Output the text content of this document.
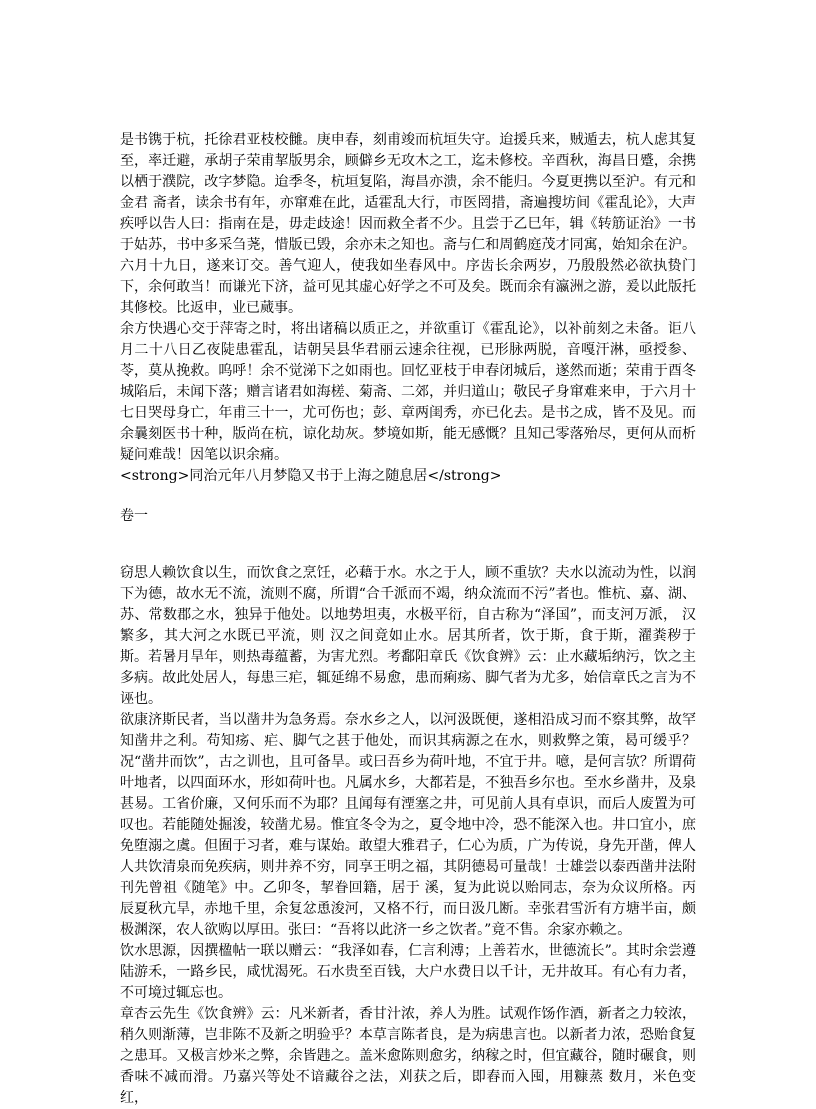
是书镌于杭，托徐君亚枝校雠。庚申春，刻甫竣而杭垣失守。迨援兵来，贼遁去，杭人虑其复至，率迁避，承胡子荣甫挈版男余，顾僻乡无攻木之工，迄未修校。辛酉秋，海昌日蹙，余携以栖于濮院，改字梦隐。迨季冬，杭垣复陷，海昌亦溃，余不能归。今夏更携以至沪。有元和金君 斋者，读余书有年，亦窜难在此，适霍乱大行，市医罔措，斋遍搜坊间《霍乱论》，大声疾呼以告人曰：指南在是，毋走歧途！因而救全者不少。且尝于乙巳年，辑《转筋证治》一书于姑苏，书中多采刍荛，惜版已毁，余亦未之知也。斋与仁和周鹤庭茂才同寓，始知余在沪。六月十九日，遂来订交。善气迎人，使我如坐春风中。序齿长余两岁，乃殷殷然必欲执贽门下，余何敢当！而谦光下济，益可见其虚心好学之不可及矣。既而余有瀛洲之游，爰以此版托其修校。比返申，业已蒇事。

余方快遇心交于萍寄之时，将出诸稿以质正之，并欲重订《霍乱论》，以补前刻之未备。讵八月二十八日乙夜陡患霍乱，诘朝吴县华君丽云速余往视，已形脉两脱，音嘎汗淋，亟授参、苓，莫从挽救。呜呼！余不觉涕下之如雨也。回忆亚枝于申春闭城后，遂然而逝；荣甫于酉冬城陷后，未闻下落；赠言诸君如海槎、菊斋、二郊，并归道山；敬民孑身窜难来申，于六月十七日哭母身亡，年甫三十一，尤可伤也；彭、章两闺秀，亦已化去。是书之成，皆不及见。而余曩刻医书十种，版尚在杭，谅化劫灰。梦境如斯，能无感慨？且知己零落殆尽，更何从而析疑问难哉！因笔以识余痛。

<strong>同治元年八月梦隐又书于上海之随息居</strong>

卷一

窃思人赖饮食以生，而饮食之烹饪，必藉于水。水之于人，顾不重欤？夫水以流动为性，以润下为德，故水无不流，流则不腐，所谓“合千派而不竭，纳众流而不污”者也。惟杭、嘉、湖、苏、常数郡之水，独异于他处。以地势坦夷，水极平衍，自古称为“泽国”，而支河万派， 汉繁多，其大河之水既已平流，则 汉之间竟如止水。居其所者，饮于斯，食于斯，濯粪秽于斯。若暑月旱年，则热毒蕴蓄，为害尤烈。考鄱阳章氏《饮食辨》云：止水藏垢纳污，饮之主多病。故此处居人，每患三疟，辄延绵不易愈，患而痢疡、脚气者为尤多，始信章氏之言为不诬也。

欲康济斯民者，当以凿井为急务焉。奈水乡之人，以河汲既便，遂相沿成习而不察其弊，故罕知凿井之利。苟知疡、疟、脚气之甚于他处，而识其病源之在水，则救弊之策，曷可缓乎？况“凿井而饮”，古之训也，且可备旱。或曰吾乡为荷叶地，不宜于井。噫，是何言欤？所谓荷叶地者，以四面环水，形如荷叶也。凡属水乡，大都若是，不独吾乡尔也。至水乡凿井，及泉甚易。工省价廉，又何乐而不为耶？且闻每有湮塞之井，可见前人具有卓识，而后人废置为可叹也。若能随处掘浚，较凿尤易。惟宜冬令为之，夏令地中冷，恐不能深入也。井口宜小，庶免堕溺之虞。但囿于习者，难与谋始。敢望大雅君子，仁心为质，广为传说，身先开凿，俾人人共饮清泉而免疾病，则井养不穷，同享王明之福，其阴德曷可量哉！士雄尝以泰西凿井法附刊先曾祖《随笔》中。乙卯冬，挈眷回籍，居于 溪，复为此说以贻同志，奈为众议所格。丙辰夏秋亢旱，赤地千里，余复忿恿浚河，又格不行，而日汲几断。幸张君雪沂有方塘半亩，颇极渊深，农人欲购以厚田。张曰：“吾将以此济一乡之饮者。”竟不售。余家亦赖之。

饮水思源，因撰楹帖一联以赠云：“我泽如春，仁言利溥；上善若水，世德流长”。其时余尝遵陆游禾，一路乡民，咸忧渴死。石水贵至百钱，大户水费日以千计，无井故耳。有心有力者，不可境过辄忘也。

章杏云先生《饮食辨》云：凡米新者，香甘汁浓，养人为胜。试观作饧作酒，新者之力较浓，稍久则渐薄，岂非陈不及新之明验乎？本草言陈者良，是为病患言也。以新者力浓，恐贻食复之患耳。又极言炒米之弊，余皆韪之。盖米愈陈则愈劣，纳稼之时，但宜藏谷，随时碾食，则香味不减而滑。乃嘉兴等处不谙藏谷之法，刈获之后，即舂而入囤，用糠蒸 数月，米色变红，
